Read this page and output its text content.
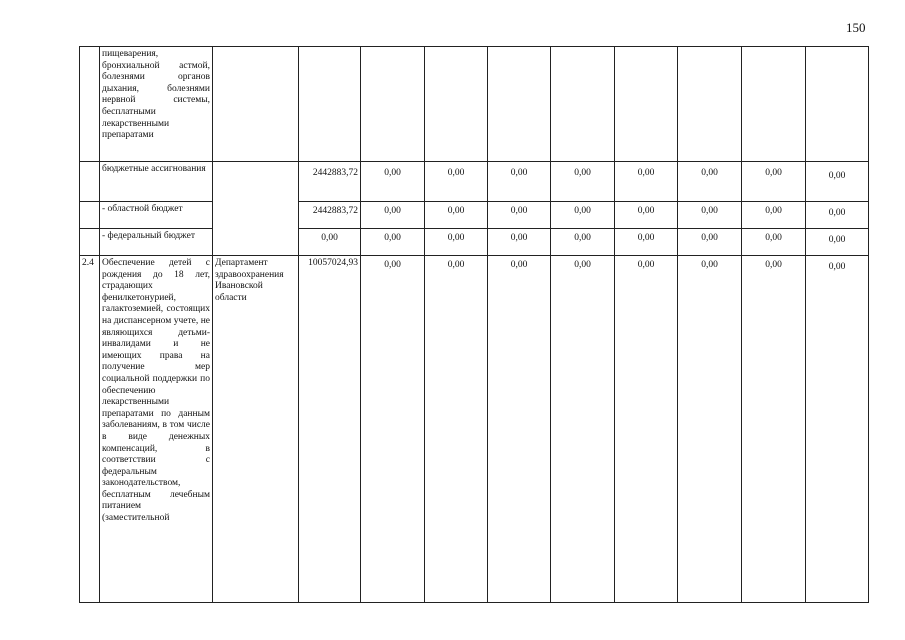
150
	пищеварения, бронхиальной астмой, болезнями органов дыхания, болезнями нервной системы, бесплатными лекарственными препаратами										
	бюджетные ассигнования		2442883,72	0,00	0,00	0,00	0,00	0,00	0,00	0,00	0,00
	- областной бюджет		2442883,72	0,00	0,00	0,00	0,00	0,00	0,00	0,00	0,00
	- федеральный бюджет		0,00	0,00	0,00	0,00	0,00	0,00	0,00	0,00	0,00
2.4	Обеспечение детей с рождения до 18 лет, страдающих фенилкетонурией, галактоземией, состоящих на диспансерном учете, не являющихся детьми-инвалидами и не имеющих права на получение мер социальной поддержки по обеспечению лекарственными препаратами по данным заболеваниям, в том числе в виде денежных компенсаций, в соответствии с федеральным законодательством, бесплатным лечебным питанием (заместительной	Департамент здравоохранения Ивановской области	10057024,93	0,00	0,00	0,00	0,00	0,00	0,00	0,00	0,00
